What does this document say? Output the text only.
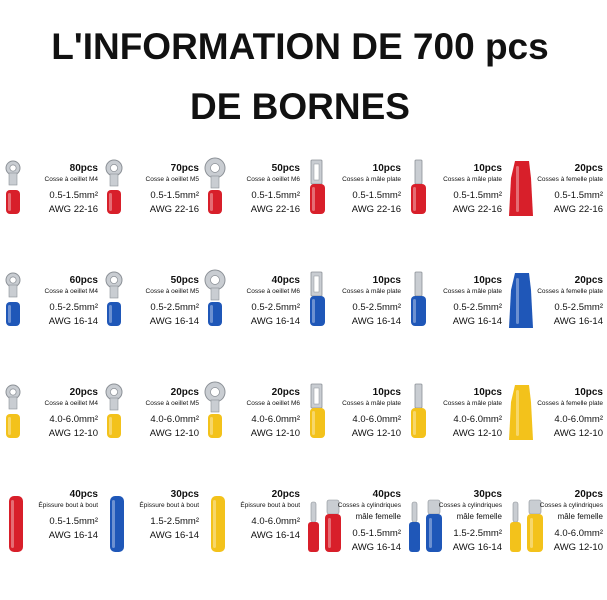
L'INFORMATION DE 700 pcs
DE BORNES
80pcs
Cosse à oeillet M4
0.5-1.5mm²
AWG 22-16
70pcs
Cosse à oeillet M5
0.5-1.5mm²
AWG 22-16
50pcs
Cosse à oeillet M6
0.5-1.5mm²
AWG 22-16
10pcs
Cosses à mâle plate
0.5-1.5mm²
AWG 22-16
10pcs
Cosses à mâle plate
0.5-1.5mm²
AWG 22-16
20pcs
Cosses à femelle plate
0.5-1.5mm²
AWG 22-16
60pcs
Cosse à oeillet M4
0.5-2.5mm²
AWG 16-14
50pcs
Cosse à oeillet M5
0.5-2.5mm²
AWG 16-14
40pcs
Cosse à oeillet M6
0.5-2.5mm²
AWG 16-14
10pcs
Cosses à mâle plate
0.5-2.5mm²
AWG 16-14
10pcs
Cosses à mâle plate
0.5-2.5mm²
AWG 16-14
20pcs
Cosses à femelle plate
0.5-2.5mm²
AWG 16-14
20pcs
Cosse à oeillet M4
4.0-6.0mm²
AWG 12-10
20pcs
Cosse à oeillet M5
4.0-6.0mm²
AWG 12-10
20pcs
Cosse à oeillet M6
4.0-6.0mm²
AWG 12-10
10pcs
Cosses à mâle plate
4.0-6.0mm²
AWG 12-10
10pcs
Cosses à mâle plate
4.0-6.0mm²
AWG 12-10
10pcs
Cosses à femelle plate
4.0-6.0mm²
AWG 12-10
40pcs
Épissure bout à bout
0.5-1.5mm²
AWG 16-14
30pcs
Épissure bout à bout
1.5-2.5mm²
AWG 16-14
20pcs
Épissure bout à bout
4.0-6.0mm²
AWG 16-14
40pcs
Cosses à cylindriques
mâle femelle
0.5-1.5mm²
AWG 16-14
30pcs
Cosses à cylindriques
mâle femelle
1.5-2.5mm²
AWG 16-14
20pcs
Cosses à cylindriques
mâle femelle
4.0-6.0mm²
AWG 12-10
